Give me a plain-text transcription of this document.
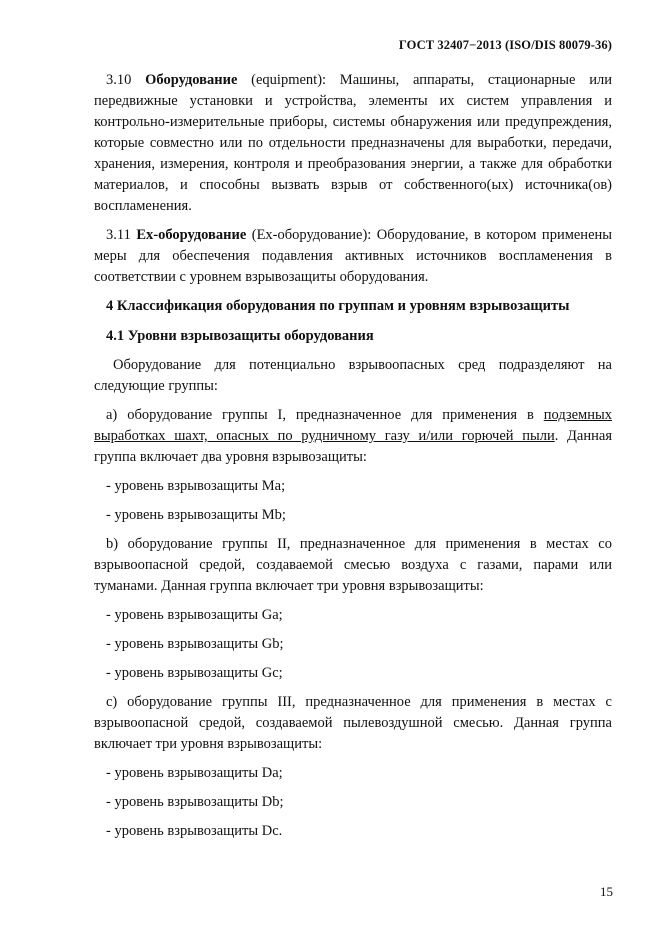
ГОСТ 32407−2013 (ISO/DIS 80079-36)

3.10 Оборудование (equipment): Машины, аппараты, стационарные или передвижные установки и устройства, элементы их систем управления и контрольно-измерительные приборы, системы обнаружения или предупреждения, которые совместно или по отдельности предназначены для выработки, передачи, хранения, измерения, контроля и преобразования энергии, а также для обработки материалов, и способны вызвать взрыв от собственного(ых) источника(ов) воспламенения.

3.11 Ex-оборудование (Ex-оборудование): Оборудование, в котором применены меры для обеспечения подавления активных источников воспламенения в соответствии с уровнем взрывозащиты оборудования.

4 Классификация оборудования по группам и уровням взрывозащиты

4.1 Уровни взрывозащиты оборудования

Оборудование для потенциально взрывоопасных сред подразделяют на следующие группы:

а) оборудование группы I, предназначенное для применения в подземных выработках шахт, опасных по рудничному газу и/или горючей пыли. Данная группа включает два уровня взрывозащиты:

- уровень взрывозащиты Ma;

- уровень взрывозащиты Mb;

b) оборудование группы II, предназначенное для применения в местах со взрывоопасной средой, создаваемой смесью воздуха с газами, парами или туманами. Данная группа включает три уровня взрывозащиты:

- уровень взрывозащиты Ga;

- уровень взрывозащиты Gb;

- уровень взрывозащиты Gc;

с) оборудование группы III, предназначенное для применения в местах с взрывоопасной средой, создаваемой пылевоздушной смесью. Данная группа включает три уровня взрывозащиты:

- уровень взрывозащиты Da;

- уровень взрывозащиты Db;

- уровень взрывозащиты Dc.

15
